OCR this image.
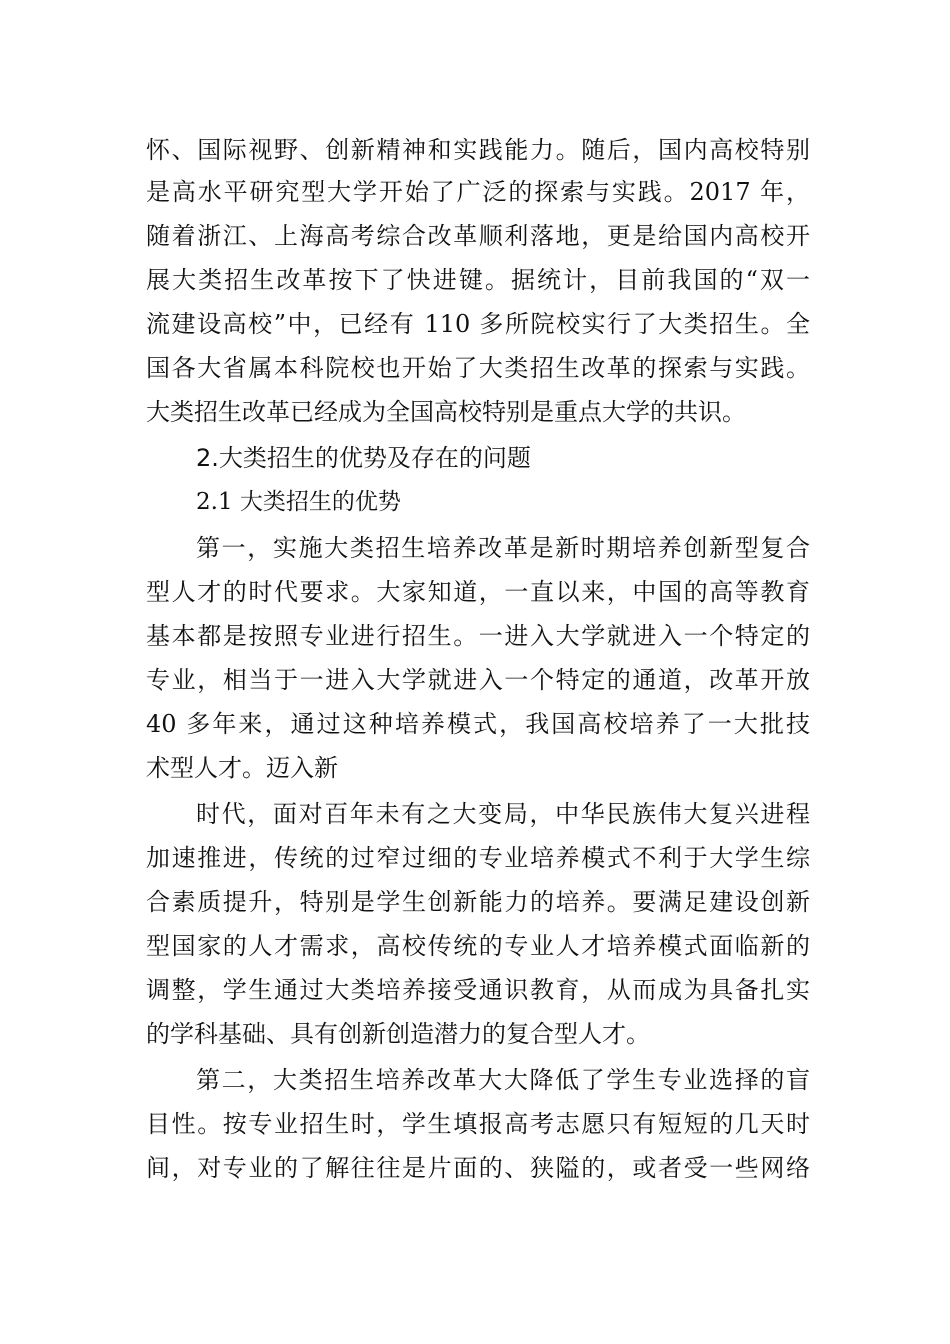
怀、国际视野、创新精神和实践能力。随后，国内高校特别
是高水平研究型大学开始了广泛的探索与实践。2017 年，
随着浙江、上海高考综合改革顺利落地，更是给国内高校开
展大类招生改革按下了快进键。据统计，目前我国的“双一
流建设高校”中，已经有 110 多所院校实行了大类招生。全
国各大省属本科院校也开始了大类招生改革的探索与实践。
大类招生改革已经成为全国高校特别是重点大学的共识。
2.大类招生的优势及存在的问题
2.1 大类招生的优势
第一，实施大类招生培养改革是新时期培养创新型复合
型人才的时代要求。大家知道，一直以来，中国的高等教育
基本都是按照专业进行招生。一进入大学就进入一个特定的
专业，相当于一进入大学就进入一个特定的通道，改革开放
40 多年来，通过这种培养模式，我国高校培养了一大批技
术型人才。迈入新
时代，面对百年未有之大变局，中华民族伟大复兴进程
加速推进，传统的过窄过细的专业培养模式不利于大学生综
合素质提升，特别是学生创新能力的培养。要满足建设创新
型国家的人才需求，高校传统的专业人才培养模式面临新的
调整，学生通过大类培养接受通识教育，从而成为具备扎实
的学科基础、具有创新创造潜力的复合型人才。
第二，大类招生培养改革大大降低了学生专业选择的盲
目性。按专业招生时，学生填报高考志愿只有短短的几天时
间，对专业的了解往往是片面的、狭隘的，或者受一些网络
